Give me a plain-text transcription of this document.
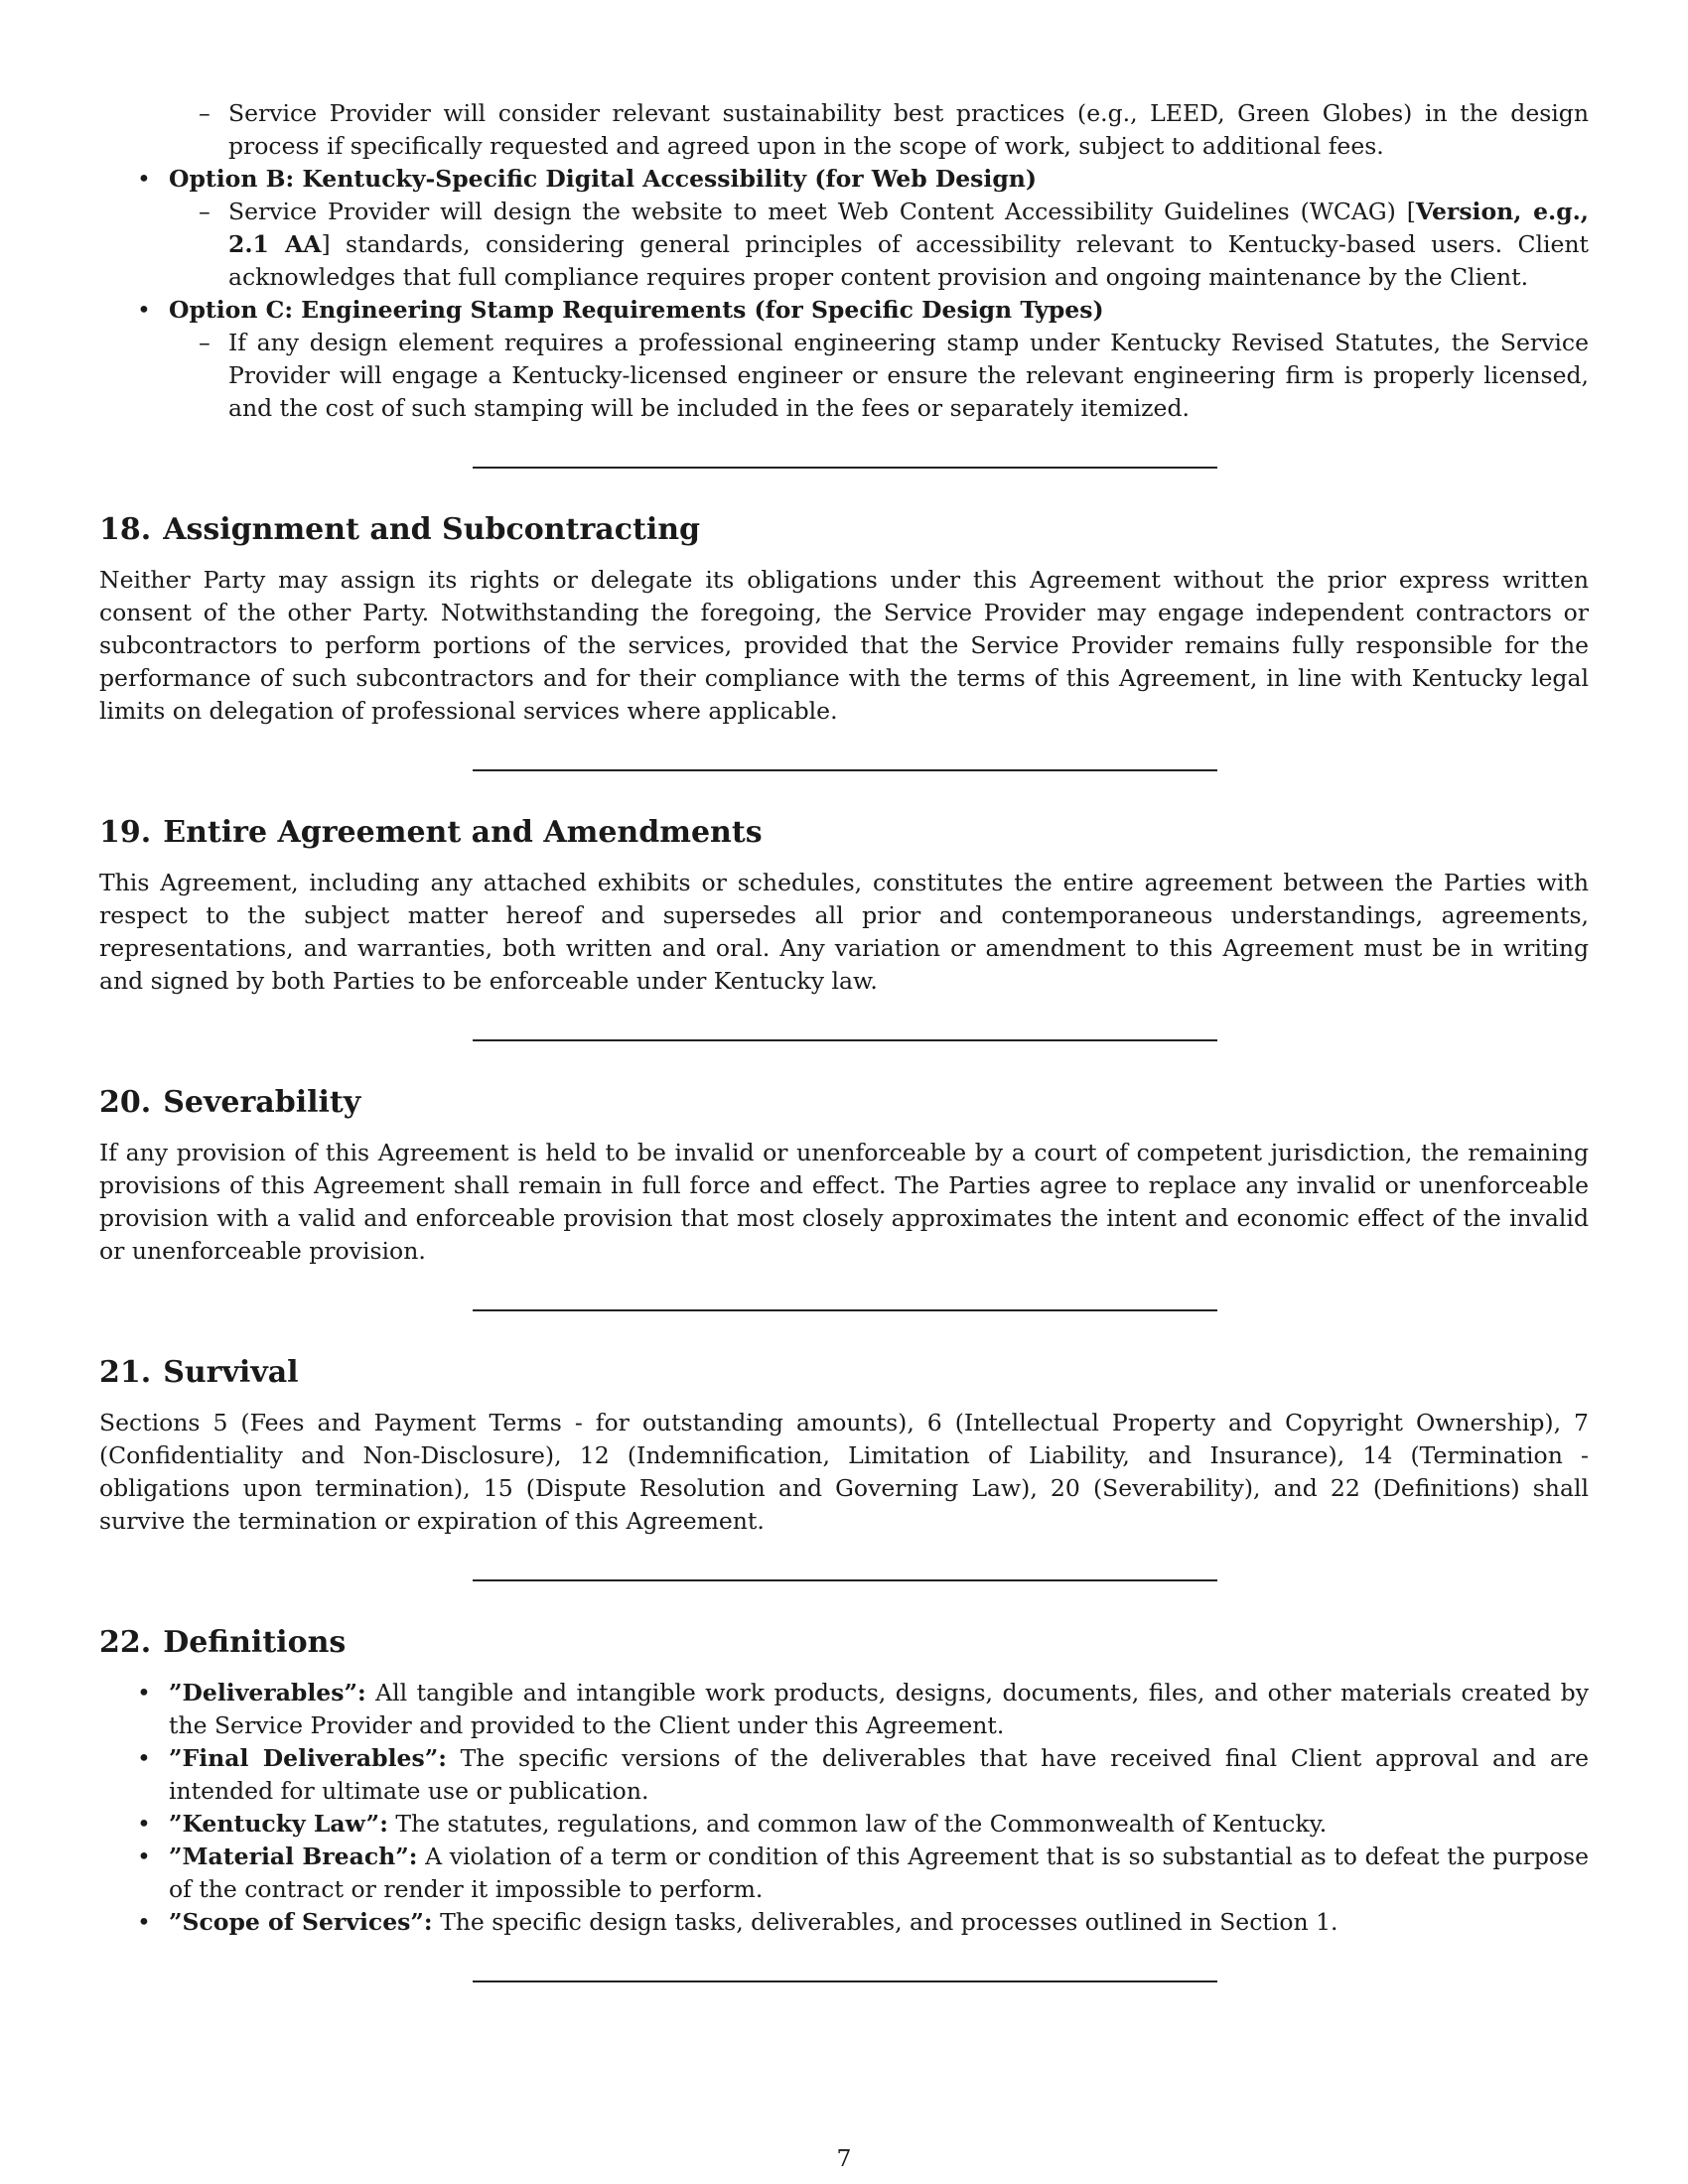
– Service Provider will consider relevant sustainability best practices (e.g., LEED, Green Globes) in the design process if specifically requested and agreed upon in the scope of work, subject to additional fees.
• Option B: Kentucky-Specific Digital Accessibility (for Web Design)
– Service Provider will design the website to meet Web Content Accessibility Guidelines (WCAG) [Version, e.g., 2.1 AA] standards, considering general principles of accessibility relevant to Kentucky-based users. Client acknowledges that full compliance requires proper content provision and ongoing maintenance by the Client.
• Option C: Engineering Stamp Requirements (for Specific Design Types)
– If any design element requires a professional engineering stamp under Kentucky Revised Statutes, the Service Provider will engage a Kentucky-licensed engineer or ensure the relevant engineering firm is properly licensed, and the cost of such stamping will be included in the fees or separately itemized.
18. Assignment and Subcontracting

Neither Party may assign its rights or delegate its obligations under this Agreement without the prior express written consent of the other Party. Notwithstanding the foregoing, the Service Provider may engage independent contractors or subcontractors to perform portions of the services, provided that the Service Provider remains fully responsible for the performance of such subcontractors and for their compliance with the terms of this Agreement, in line with Kentucky legal limits on delegation of professional services where applicable.

19. Entire Agreement and Amendments

This Agreement, including any attached exhibits or schedules, constitutes the entire agreement between the Parties with respect to the subject matter hereof and supersedes all prior and contemporaneous understandings, agreements, representations, and warranties, both written and oral. Any variation or amendment to this Agreement must be in writing and signed by both Parties to be enforceable under Kentucky law.

20. Severability

If any provision of this Agreement is held to be invalid or unenforceable by a court of competent jurisdiction, the remaining provisions of this Agreement shall remain in full force and effect. The Parties agree to replace any invalid or unenforceable provision with a valid and enforceable provision that most closely approximates the intent and economic effect of the invalid or unenforceable provision.

21. Survival

Sections 5 (Fees and Payment Terms - for outstanding amounts), 6 (Intellectual Property and Copyright Ownership), 7 (Confidentiality and Non-Disclosure), 12 (Indemnification, Limitation of Liability, and Insurance), 14 (Termination - obligations upon termination), 15 (Dispute Resolution and Governing Law), 20 (Severability), and 22 (Definitions) shall survive the termination or expiration of this Agreement.

22. Definitions
• ”Deliverables”: All tangible and intangible work products, designs, documents, files, and other materials created by the Service Provider and provided to the Client under this Agreement.
• ”Final Deliverables”: The specific versions of the deliverables that have received final Client approval and are intended for ultimate use or publication.
• ”Kentucky Law”: The statutes, regulations, and common law of the Commonwealth of Kentucky.
• ”Material Breach”: A violation of a term or condition of this Agreement that is so substantial as to defeat the purpose of the contract or render it impossible to perform.
• ”Scope of Services”: The specific design tasks, deliverables, and processes outlined in Section 1.
7
